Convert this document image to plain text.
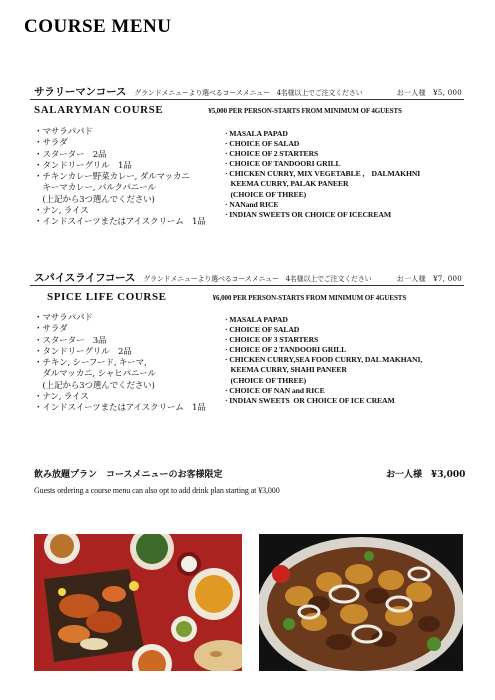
COURSE MENU
サラリーマンコース グランドメニューより選べるコースメニュー　4名様以上でご注文ください	お一人様　¥5, 000
SALARYMAN COURSE	¥5,000 PER PERSON-STARTS FROM MINIMUM OF 4GUESTS
・マサラパパド
・サラダ
・スターター　2品
・タンドリーグリル　1品
・チキンカレー野菜カレー, ダルマッカニ
　キーマカレー, パルクパニール
　(上記から3つ選んでください)
・ナン, ライス
・インドスイーツまたはアイスクリーム　1品
· MASALA PAPAD
· CHOICE OF SALAD
· CHOICE OF 2 STARTERS
· CHOICE OF TANDOORI GRILL
· CHICKEN CURRY, MIX VEGETABLE ,    DALMAKHNI
KEEMA CURRY, PALAK PANEER
(CHOICE OF THREE)
· NANand RICE
· INDIAN SWEETS OR CHOICE OF ICECREAM
スパイスライフコース グランドメニューより選べるコースメニュー　4名様以上でご注文ください	お一人様　¥7, 000
SPICE LIFE COURSE	¥6,000 PER PERSON-STARTS FROM MINIMUM OF 4GUESTS
・マサラパパド
・サラダ
・スターター　3品
・タンドリーグリル　2品
・チキン, シーフード, キーマ,
　ダルマッカニ, シャヒパニール
　(上記から3つ選んでください)
・ナン, ライス
・インドスイーツまたはアイスクリーム　1品
· MASALA PAPAD
· CHOICE OF SALAD
· CHOICE OF 3 STARTERS
· CHOICE OF 2 TANDOORI GRILL
· CHICKEN CURRY,SEA FOOD CURRY, DAL MAKHANI,
KEEMA CURRY, SHAHI PANEER
(CHOICE OF THREE)
· CHOICE OF NAN and RICE
· INDIAN SWEETS  OR CHOICE OF ICE CREAM
飲み放題プラン　コースメニューのお客様限定	お一人様　¥3,000
Guests ordering a course menu can also opt to add drink plan starting at ¥3,000
